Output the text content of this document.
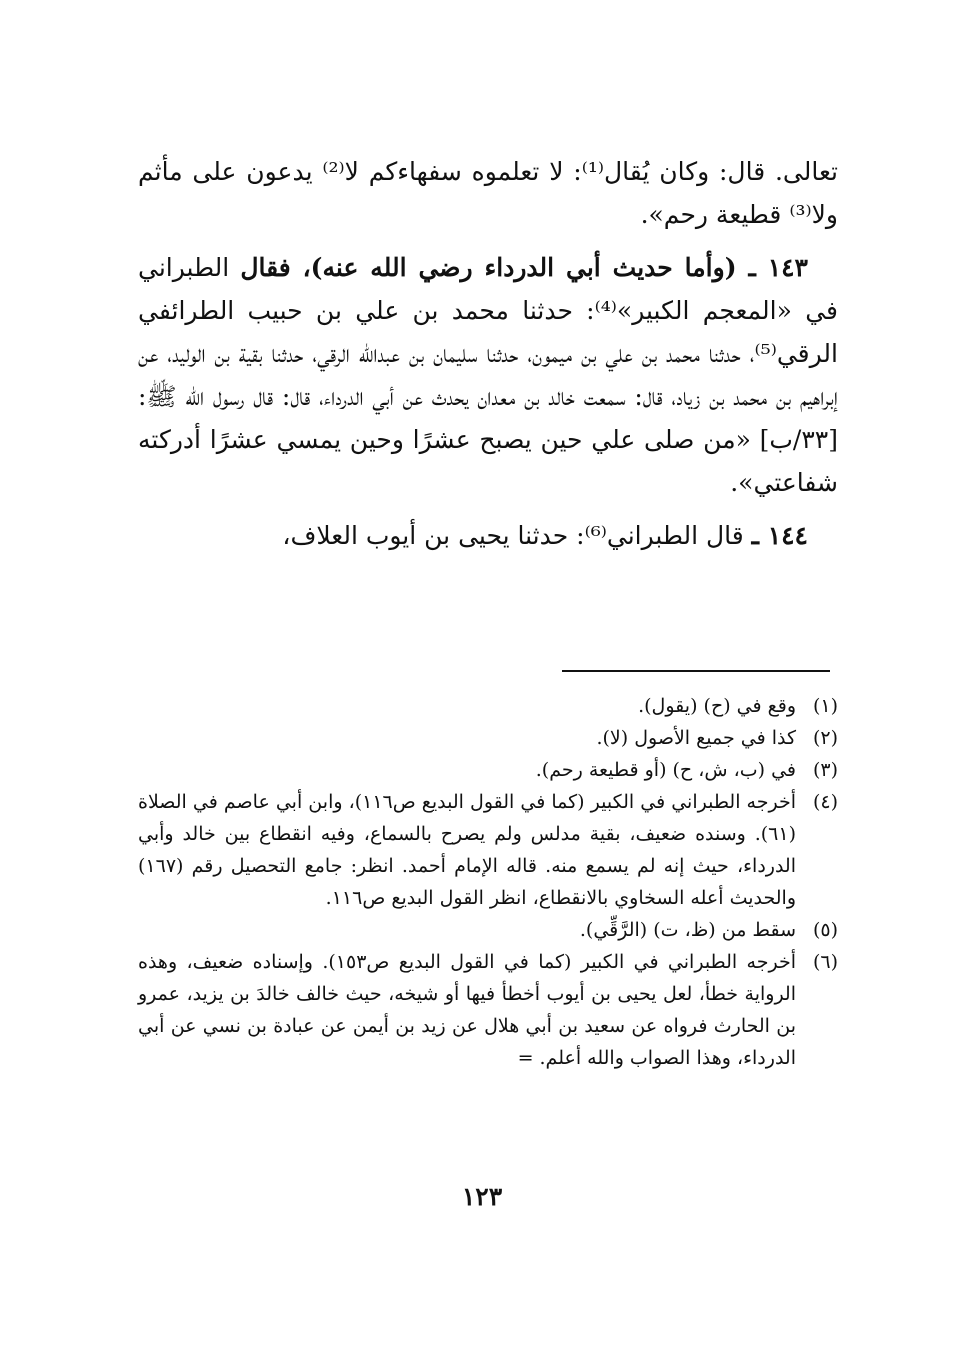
تعالى. قال: وكان يُقال⁽¹⁾: لا تعلموه سفهاءكم لا⁽²⁾ يدعون على مأثم ولا⁽³⁾ قطيعة رحم».

١٤٣ ـ (وأما حديث أبي الدرداء رضي الله عنه)، فقال الطبراني في «المعجم الكبير»⁽⁴⁾: حدثنا محمد بن علي بن حبيب الطرائفي الرقي⁽⁵⁾، حدثنا محمد بن علي بن ميمون، حدثنا سليمان بن عبدالله الرقي، حدثنا بقية بن الوليد، عن إبراهيم بن محمد بن زياد، قال: سمعت خالد بن معدان يحدث عن أبي الدرداء، قال: قال رسول الله ﷺ: [٣٣/ب] «من صلى علي حين يصبح عشرًا وحين يمسي عشرًا أدركته شفاعتي».

١٤٤ ـ قال الطبراني⁽⁶⁾: حدثنا يحيى بن أيوب العلاف،

(١)
وقع في (ح) (يقول).
(٢)
كذا في جميع الأصول (لا).
(٣)
في (ب، ش، ح) (أو قطيعة رحم).
(٤)
أخرجه الطبراني في الكبير (كما في القول البديع ص١١٦)، وابن أبي عاصم في الصلاة (٦١). وسنده ضعيف، بقية مدلس ولم يصرح بالسماع، وفيه انقطاع بين خالد وأبي الدرداء، حيث إنه لم يسمع منه. قاله الإمام أحمد. انظر: جامع التحصيل رقم (١٦٧) والحديث أعله السخاوي بالانقطاع، انظر القول البديع ص١١٦.
(٥)
سقط من (ظ، ت) (الرَّقِّي).
(٦)
أخرجه الطبراني في الكبير (كما في القول البديع ص١٥٣). وإسناده ضعيف، وهذه الرواية خطأ، لعل يحيى بن أيوب أخطأ فيها أو شيخه، حيث خالف خالدَ بن يزيد، عمرو بن الحارث فرواه عن سعيد بن أبي هلال عن زيد بن أيمن عن عبادة بن نسي عن أبي الدرداء، وهذا الصواب والله أعلم. =
١٢٣
